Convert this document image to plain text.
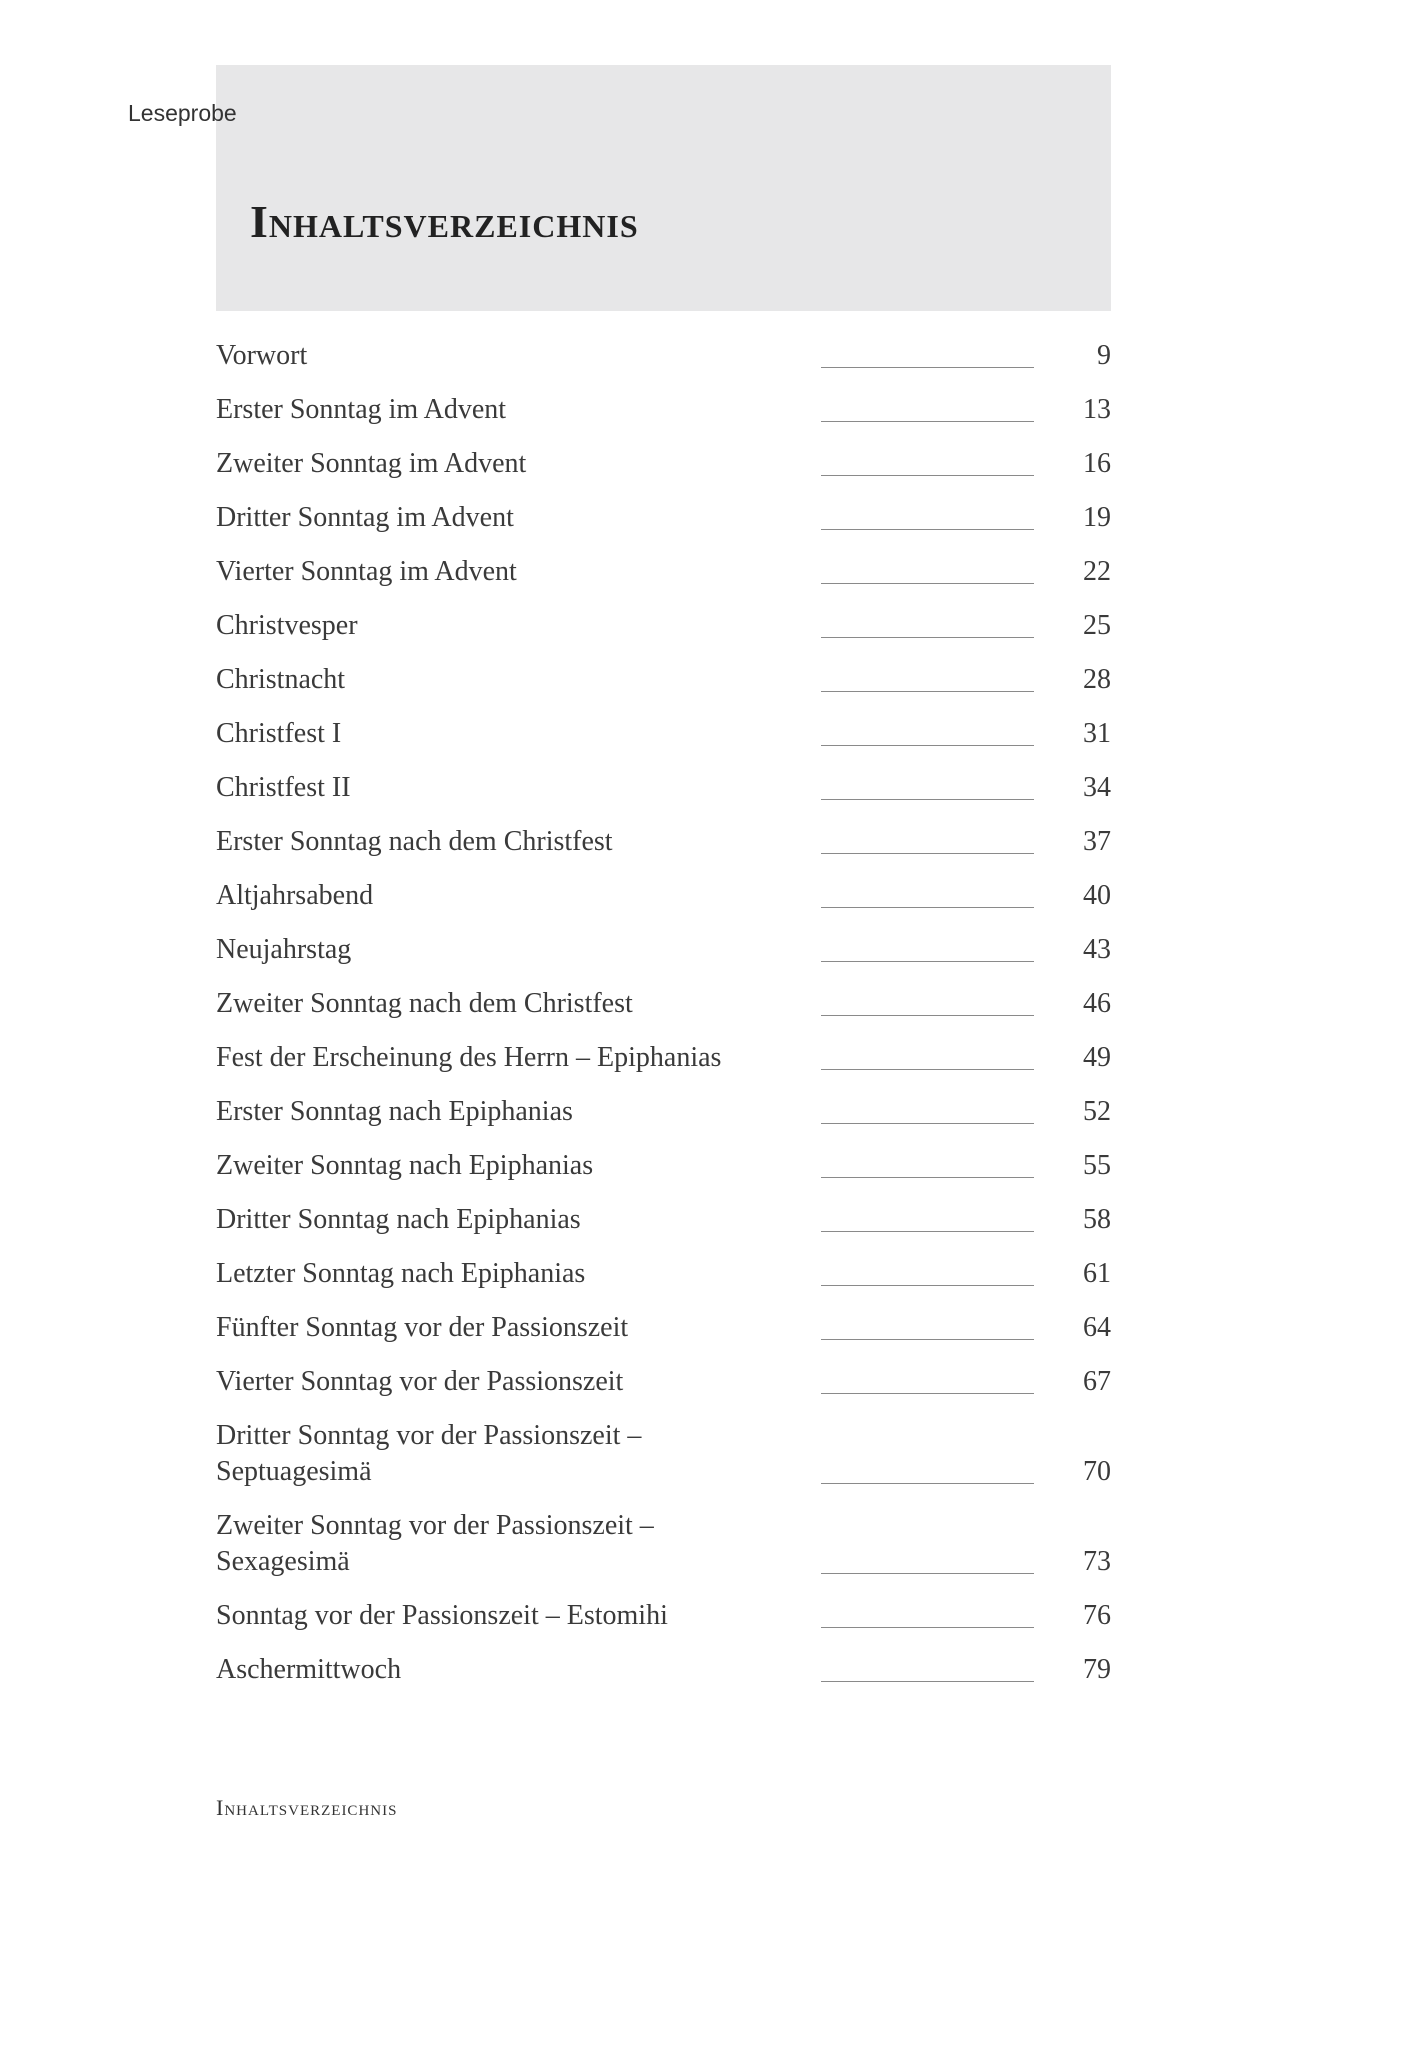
Leseprobe
Inhaltsverzeichnis
Vorwort	9
Erster Sonntag im Advent	13
Zweiter Sonntag im Advent	16
Dritter Sonntag im Advent	19
Vierter Sonntag im Advent	22
Christvesper	25
Christnacht	28
Christfest I	31
Christfest II	34
Erster Sonntag nach dem Christfest	37
Altjahrsabend	40
Neujahrstag	43
Zweiter Sonntag nach dem Christfest	46
Fest der Erscheinung des Herrn – Epiphanias	49
Erster Sonntag nach Epiphanias	52
Zweiter Sonntag nach Epiphanias	55
Dritter Sonntag nach Epiphanias	58
Letzter Sonntag nach Epiphanias	61
Fünfter Sonntag vor der Passionszeit	64
Vierter Sonntag vor der Passionszeit	67
Dritter Sonntag vor der Passionszeit –
Septuagesimä	70
Zweiter Sonntag vor der Passionszeit –
Sexagesimä	73
Sonntag vor der Passionszeit – Estomihi	76
Aschermittwoch	79
Inhaltsverzeichnis
